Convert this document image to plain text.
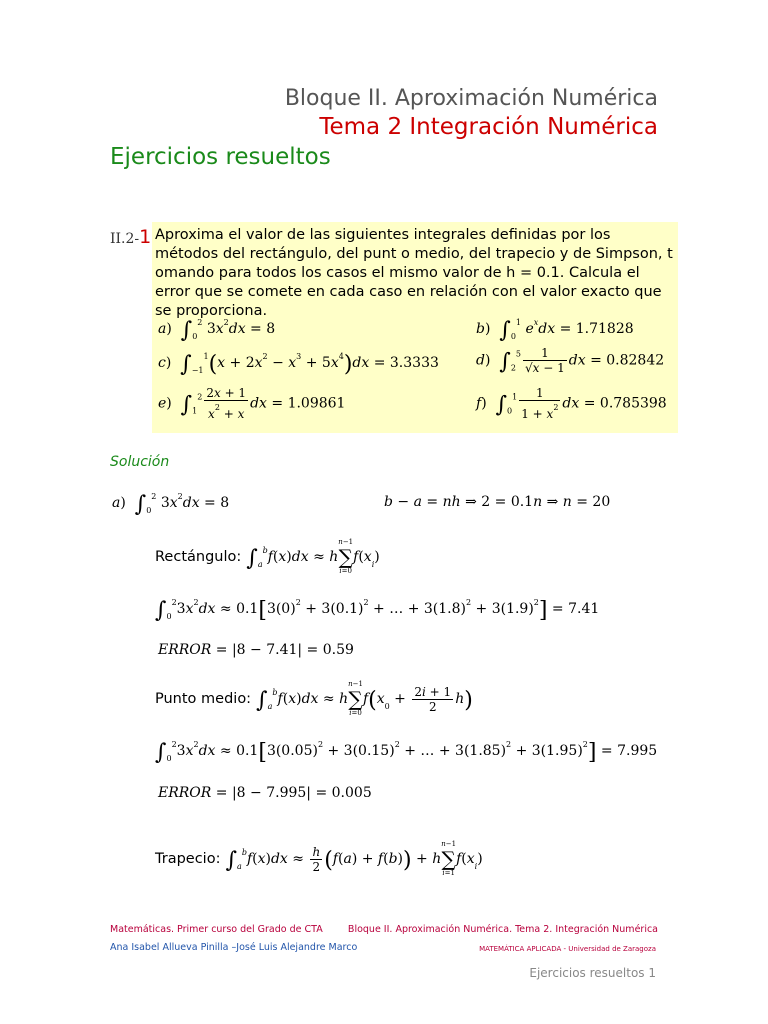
Bloque II. Aproximación Numérica
Tema 2 Integración Numérica
Ejercicios resueltos
II.2-1 Aproxima el valor de las siguientes integrales definidas por los métodos del rectángulo, del punt o medio, del trapecio y de Simpson, t omando para todos los casos el mismo valor de h = 0.1. Calcula el error que se comete en cada caso en relación con el valor exacto que se proporciona.

a)  $\int_0^2$ $3x^2dx = 8$	b)  $\int_0^1$ $e^xdx = 1.71828$
c)  $\int_{-1}^1(x + 2x^2 - x^3 + 5x^4)dx = 3.3333$	d)  $\int_2^5 \frac{1}{√x - 1}$ dx = 0.82842
e)  $\int_1^2 \frac{2x + 1}{x^2 + x}$ dx = 1.09861	f)  $\int_0^1 \frac{1}{1 + x^2}$ dx = 0.785398
Solución
a)  $\int_0^2$ $3x^2dx = 8$	b − a = nh ⇒ 2 = 0.1n ⇒ n = 20
Rectángulo: $\int_a^bf(x)dx \approx h$
n−1
∑
i=0
$f(x_i)$
$\int_0^23x^2dx \approx 0.1[3(0)^2 + 3(0.1)^2$ + … + $3(1.8)^2 + 3(1.9)^2] = 7.41$
ERROR = |8 − 7.41| = 0.59
Punto medio: $\int_a^bf(x)dx \approx h$
n−1
∑
i=0
$f(x_0 + \frac{2i + 1}{2} h)$
$\int_0^23x^2dx \approx 0.1[3(0.05)^2 + 3(0.15)^2$ + … + $3(1.85)^2 + 3(1.95)^2] = 7.995$
ERROR = |8 − 7.995| = 0.005
Trapecio: $\int_a^bf(x)dx \approx \frac{h}{2} (f(a) + f(b)) + h$
n−1
∑
i=1
$f(x_i)$
Matemáticas. Primer curso del Grado de CTA	Bloque II. Aproximación Numérica. Tema 2. Integración Numérica
Ana Isabel Allueva Pinilla –José Luis Alejandre Marco	MATEMÁTICA APLICADA - Universidad de Zaragoza
Ejercicios resueltos 1
